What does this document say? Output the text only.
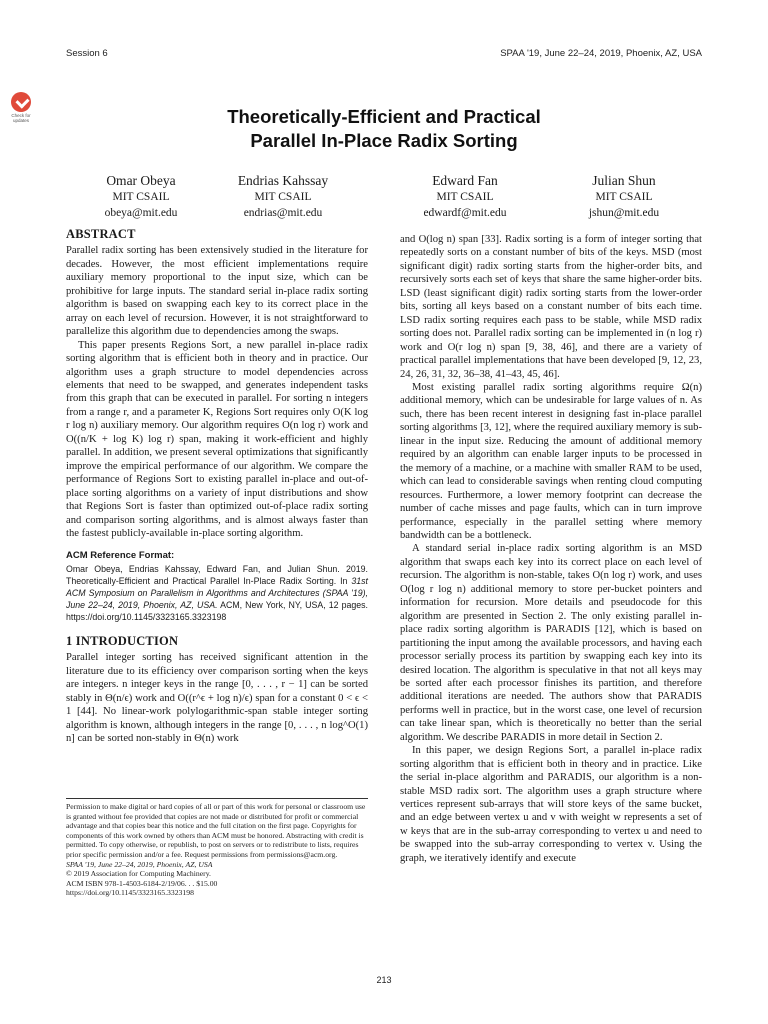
Session 6	SPAA '19, June 22–24, 2019, Phoenix, AZ, USA
Check for
updates	Theoretically-Efficient and Practical
Parallel In-Place Radix Sorting
Omar Obeya
MIT CSAIL
obeya@mit.edu
Endrias Kahssay
MIT CSAIL
endrias@mit.edu
Edward Fan
MIT CSAIL
edwardf@mit.edu
Julian Shun
MIT CSAIL
jshun@mit.edu
ABSTRACT

Parallel radix sorting has been extensively studied in the literature for decades. However, the most efficient implementations require auxiliary memory proportional to the input size, which can be prohibitive for large inputs. The standard serial in-place radix sorting algorithm is based on swapping each key to its correct place in the array on each level of recursion. However, it is not straightforward to parallelize this algorithm due to dependencies among the swaps.

This paper presents Regions Sort, a new parallel in-place radix sorting algorithm that is efficient both in theory and in practice. Our algorithm uses a graph structure to model dependencies across elements that need to be swapped, and generates independent tasks from this graph that can be executed in parallel. For sorting n integers from a range r, and a parameter K, Regions Sort requires only O(K log r log n) auxiliary memory. Our algorithm requires O(n log r) work and O((n/K + log K) log r) span, making it work-efficient and highly parallel. In addition, we present several optimizations that significantly improve the empirical performance of our algorithm. We compare the performance of Regions Sort to existing parallel in-place and out-of-place sorting algorithms on a variety of input distributions and show that Regions Sort is faster than optimized out-of-place radix sorting and comparison sorting algorithms, and is almost always faster than the fastest publicly-available in-place sorting algorithm.

ACM Reference Format:
Omar Obeya, Endrias Kahssay, Edward Fan, and Julian Shun. 2019. Theoretically-Efficient and Practical Parallel In-Place Radix Sorting. In 31st ACM Symposium on Parallelism in Algorithms and Architectures (SPAA '19), June 22–24, 2019, Phoenix, AZ, USA. ACM, New York, NY, USA, 12 pages. https://doi.org/10.1145/3323165.3323198
1 INTRODUCTION

Parallel integer sorting has received significant attention in the literature due to its efficiency over comparison sorting when the keys are integers. n integer keys in the range [0, . . . , r − 1] can be sorted stably in Θ(n/ϵ) work and O((r^ϵ + log n)/ϵ) span for a constant 0 < ϵ < 1 [44]. No linear-work polylogarithmic-span stable integer sorting algorithm is known, although integers in the range [0, . . . , n log^O(1) n] can be sorted non-stably in Θ(n) work

Permission to make digital or hard copies of all or part of this work for personal or classroom use is granted without fee provided that copies are not made or distributed for profit or commercial advantage and that copies bear this notice and the full citation on the first page. Copyrights for components of this work owned by others than ACM must be honored. Abstracting with credit is permitted. To copy otherwise, or republish, to post on servers or to redistribute to lists, requires prior specific permission and/or a fee. Request permissions from permissions@acm.org.

SPAA '19, June 22–24, 2019, Phoenix, AZ, USA

© 2019 Association for Computing Machinery.

ACM ISBN 978-1-4503-6184-2/19/06. . . $15.00

https://doi.org/10.1145/3323165.3323198

and O(log n) span [33]. Radix sorting is a form of integer sorting that repeatedly sorts on a constant number of bits of the keys. MSD (most significant digit) radix sorting starts from the higher-order bits, and recursively sorts each set of keys that share the same higher-order bits. LSD (least significant digit) radix sorting starts from the lower-order bits, sorting all keys based on a constant number of bits each time. LSD radix sorting requires each pass to be stable, while MSD radix sorting does not. Parallel radix sorting can be implemented in (n log r) work and O(r log n) span [9, 38, 46], and there are a variety of practical parallel implementations that have been developed [9, 12, 23, 24, 26, 31, 32, 36–38, 41–43, 45, 46].

Most existing parallel radix sorting algorithms require Ω(n) additional memory, which can be undesirable for large values of n. As such, there has been recent interest in designing fast in-place parallel sorting algorithms [3, 12], where the required auxiliary memory is sub-linear in the input size. Reducing the amount of additional memory required by an algorithm can enable larger inputs to be processed in the memory of a machine, or a machine with smaller RAM to be used, which can lead to considerable savings when renting cloud computing resources. Furthermore, a lower memory footprint can decrease the number of cache misses and page faults, which can in turn improve performance, especially in the parallel setting where memory bandwidth can be a bottleneck.

A standard serial in-place radix sorting algorithm is an MSD algorithm that swaps each key into its correct place on each level of recursion. The algorithm is non-stable, takes O(n log r) work, and uses O(log r log n) additional memory to store per-bucket pointers and information for recursion. More details and pseudocode for this algorithm are presented in Section 2. The only existing parallel in-place radix sorting algorithm is PARADIS [12], which is based on partitioning the input among the available processors, and having each processor serially process its partition by swapping each key into its desired location. The algorithm is speculative in that not all keys may be sorted after each processor finishes its partition, and therefore additional iterations are needed. The authors show that PARADIS performs well in practice, but in the worst case, one level of recursion can take linear span, which is theoretically no better than the serial algorithm. We describe PARADIS in more detail in Section 2.

In this paper, we design Regions Sort, a parallel in-place radix sorting algorithm that is efficient both in theory and in practice. Like the serial in-place algorithm and PARADIS, our algorithm is a non-stable MSD radix sort. The algorithm uses a graph structure where vertices represent sub-arrays that will store keys of the same bucket, and an edge between vertex u and v with weight w represents a set of w keys that are in the sub-array corresponding to vertex u and need to be swapped into the sub-array corresponding to vertex v. Using the graph, we iteratively identify and execute

213
